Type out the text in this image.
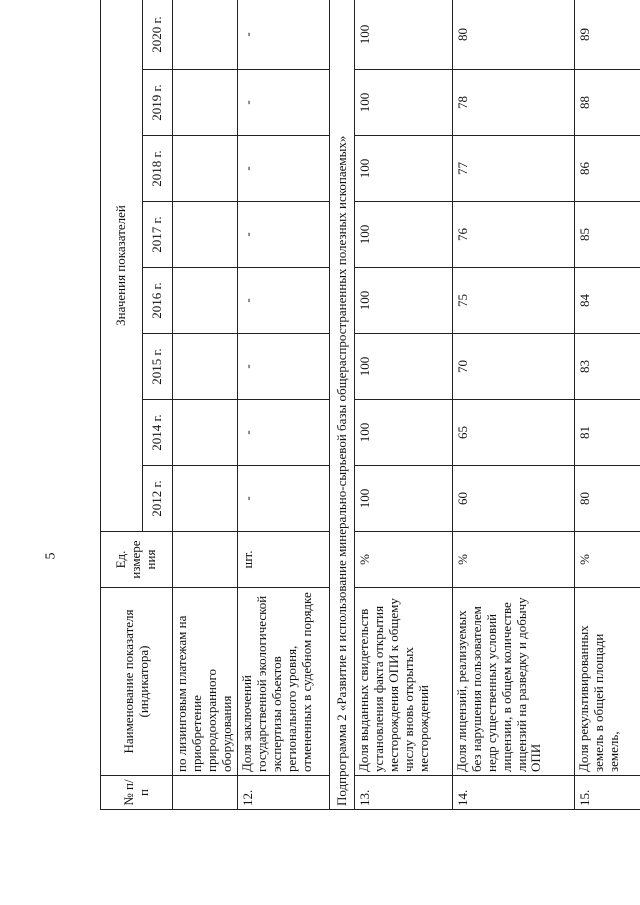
5
№ п/п	Наименование показателя (индикатора)	Ед. измере ния	Значения показателей							
			2012 г.	2014 г.	2015 г.	2016 г.	2017 г.	2018 г.	2019 г.	2020 г.
	по лизинговым платежам на приобретение природоохранного оборудования									
12.	Доля заключений государственной экологической экспертизы объектов регионального уровня, отмененных в судебном порядке	шт.	-	-	-	-	-	-	-	-
Подпрограмма 2 «Развитие и использование минерально-сырьевой базы общераспространенных полезных ископаемых»										
13.	Доля выданных свидетельств установления факта открытия месторождения ОПИ к общему числу вновь открытых месторождений	%	100	100	100	100	100	100	100	100
14.	Доля лицензий, реализуемых без нарушения пользователем недр существенных условий лицензии, в общем количестве лицензий на разведку и добычу ОПИ	%	60	65	70	75	76	77	78	80
15.	Доля рекультивированных земель в общей площади земель,	%	80	81	83	84	85	86	88	89
